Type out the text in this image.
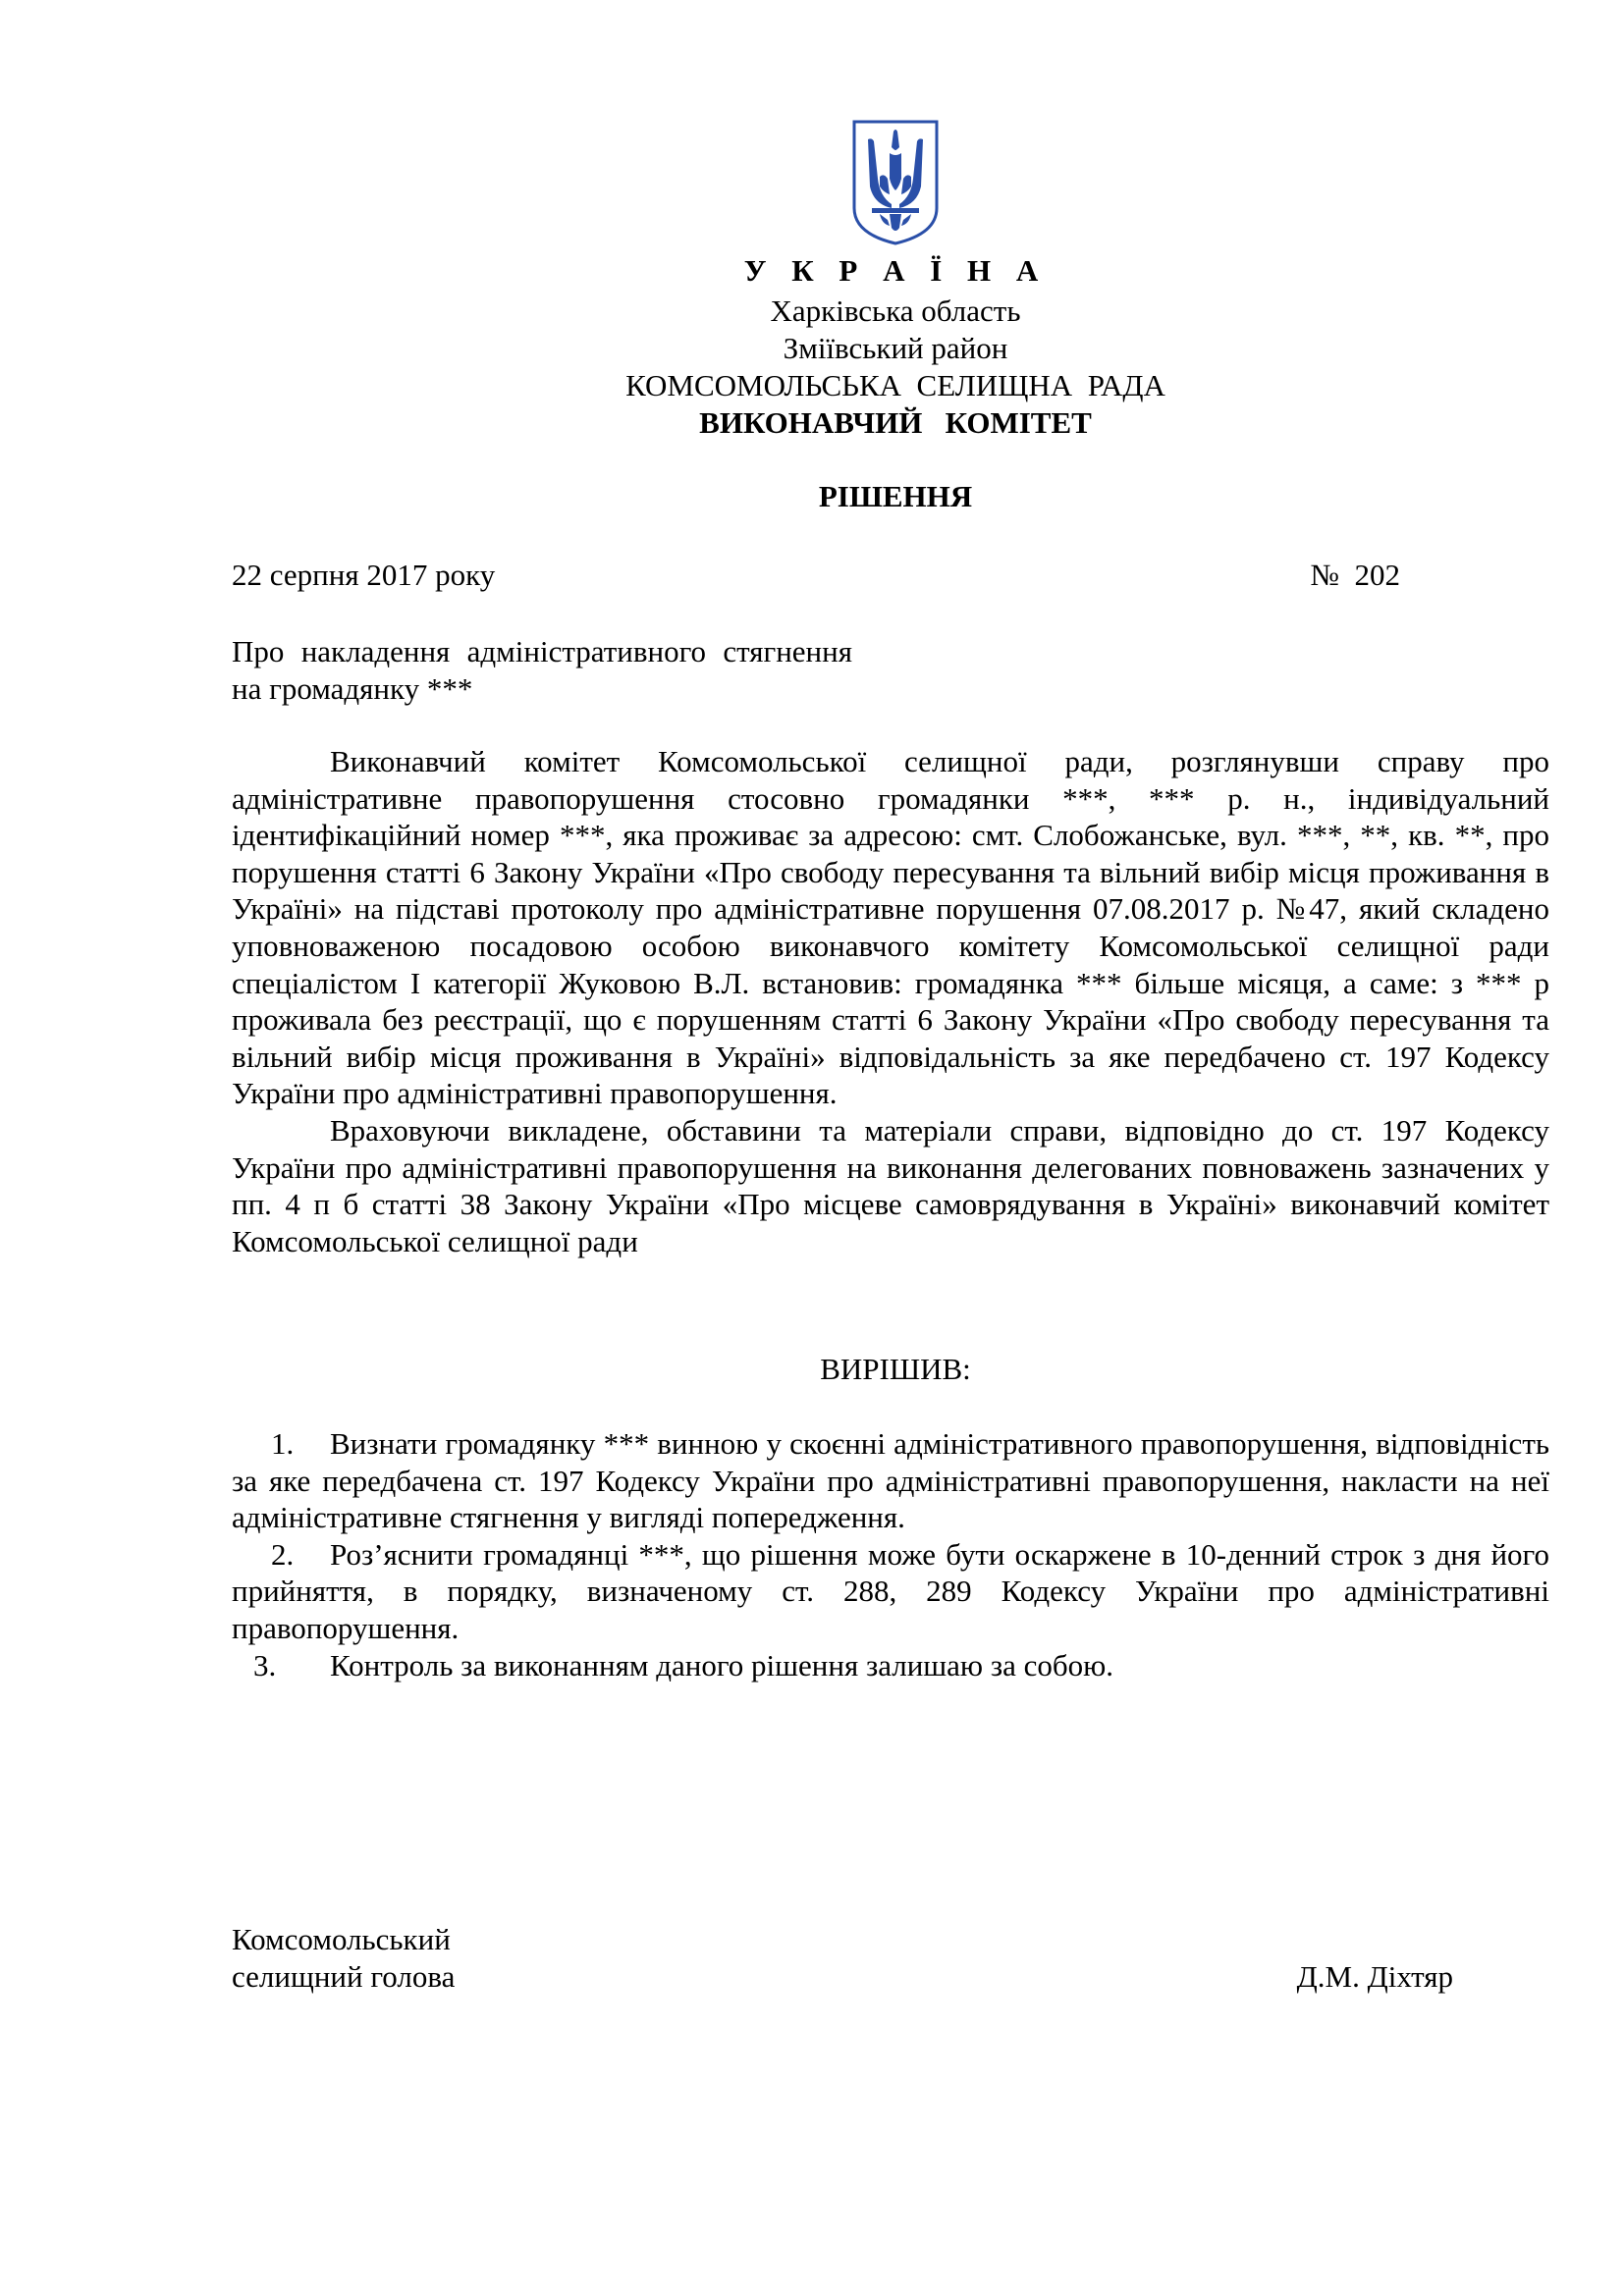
У К Р А Ї Н А
Харківська область
Зміївський район
КОМСОМОЛЬСЬКА  СЕЛИЩНА  РАДА
ВИКОНАВЧИЙ   КОМІТЕТ
РІШЕННЯ
22 серпня 2017 року	№  202
Про накладення адміністративного стягнення на громадянку ***

Виконавчий комітет Комсомольської селищної ради, розглянувши справу про адміністративне правопорушення стосовно громадянки ***, *** р. н., індивідуальний ідентифікаційний номер ***, яка проживає за адресою: смт. Слобожанське, вул. ***, **, кв. **, про порушення статті 6 Закону України «Про свободу пересування та вільний вибір місця проживання в Україні» на підставі протоколу про адміністративне порушення 07.08.2017 р. №47, який складено уповноваженою посадовою особою виконавчого комітету Комсомольської селищної ради спеціалістом І категорії Жуковою В.Л. встановив: громадянка *** більше місяця, а саме: з *** р проживала без реєстрації, що є порушенням статті 6 Закону України «Про свободу пересування та вільний вибір місця проживання в Україні» відповідальність за яке передбачено ст. 197 Кодексу України про адміністративні правопорушення.

Враховуючи викладене, обставини та матеріали справи, відповідно до ст. 197 Кодексу України про адміністративні правопорушення на виконання делегованих повноважень зазначених у пп. 4 п б статті 38 Закону України «Про місцеве самоврядування в Україні» виконавчий комітет Комсомольської селищної ради

ВИРІШИВ:

1. Визнати громадянку *** винною у скоєнні адміністративного правопорушення, відповідність за яке передбачена ст. 197 Кодексу України про адміністративні правопорушення, накласти на неї адміністративне стягнення у вигляді попередження.

2. Роз’яснити громадянці ***, що рішення може бути оскаржене в 10-денний строк з дня його прийняття, в порядку, визначеному ст. 288, 289 Кодексу України про адміністративні правопорушення.

3. Контроль за виконанням даного рішення залишаю за собою.

Комсомольський
селищний голова	Д.М. Діхтяр
